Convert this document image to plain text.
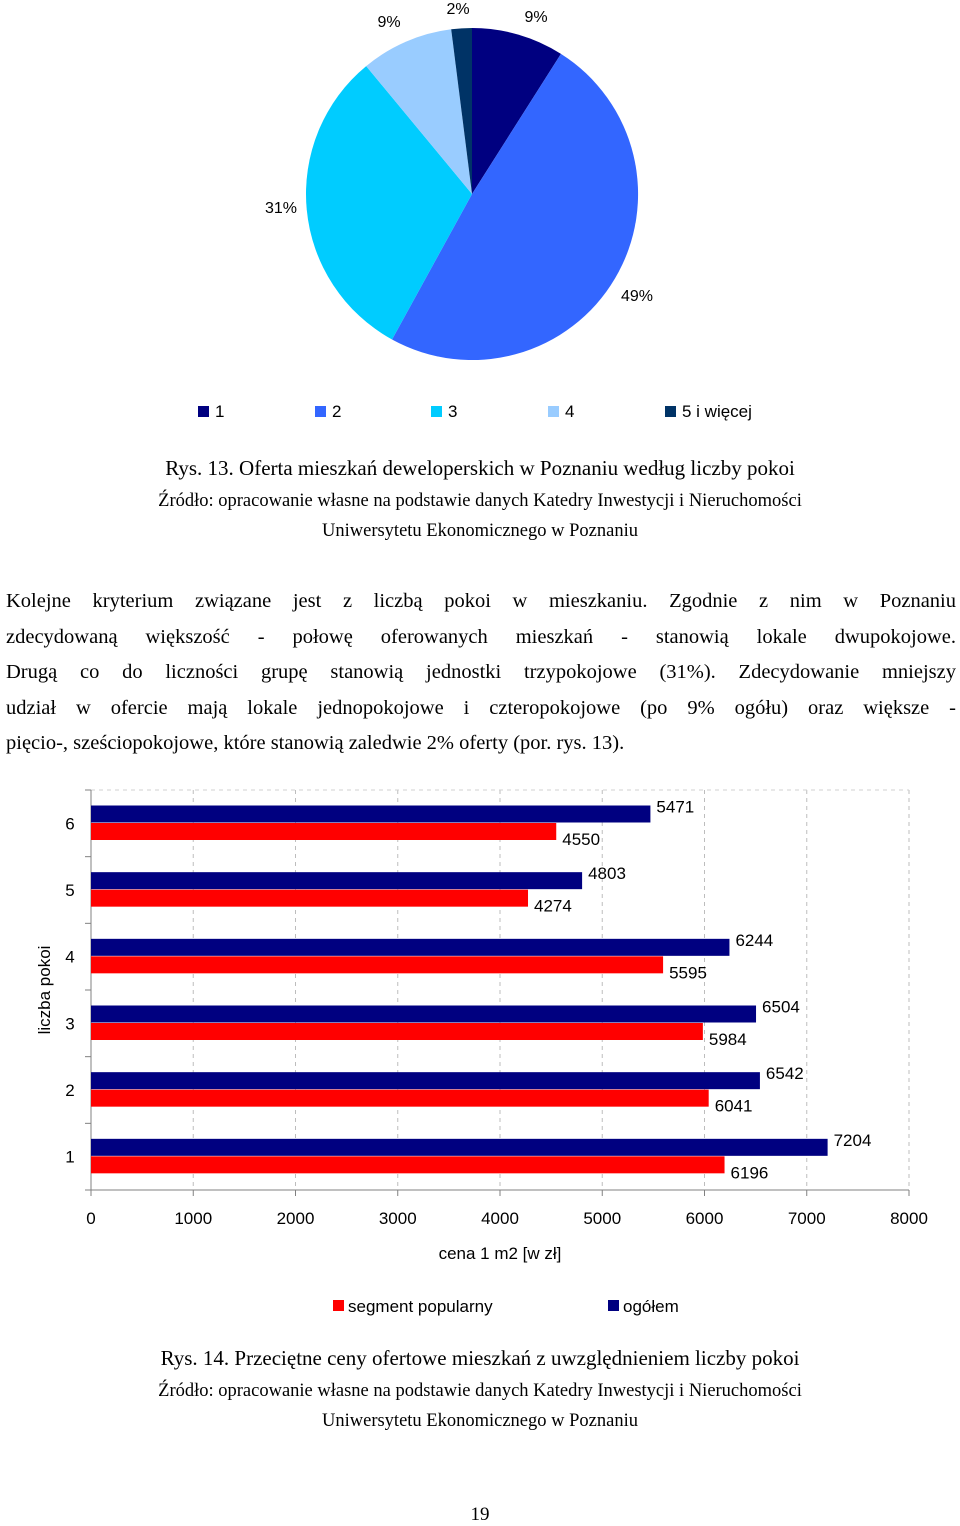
9%
49%
31%
9%
2%
1	2	3	4	5 i więcej
Rys. 13. Oferta mieszkań deweloperskich w Poznaniu według liczby pokoi
Źródło: opracowanie własne na podstawie danych Katedry Inwestycji i Nieruchomości
Uniwersytetu Ekonomicznego w Poznaniu
Kolejne kryterium związane jest z liczbą pokoi w mieszkaniu. Zgodnie z nim w Poznaniu
zdecydowaną większość - połowę oferowanych mieszkań - stanowią lokale dwupokojowe.
Drugą co do liczności grupę stanowią jednostki trzypokojowe (31%). Zdecydowanie mniejszy
udział w ofercie mają lokale jednopokojowe i czteropokojowe (po 9% ogółu) oraz większe -
pięcio-, sześciopokojowe, które stanowią zaledwie 2% oferty (por. rys. 13).
0	1000	2000	3000	4000	5000	6000	7000	8000
7204
6196
1
6542
6041
2
6504
5984
3
6244
5595
4
4803
4274
5
5471
4550
6
liczba pokoi
cena 1 m2 [w zł]
segment popularny	ogółem
Rys. 14. Przeciętne ceny ofertowe mieszkań z uwzględnieniem liczby pokoi
Źródło: opracowanie własne na podstawie danych Katedry Inwestycji i Nieruchomości
Uniwersytetu Ekonomicznego w Poznaniu
19
